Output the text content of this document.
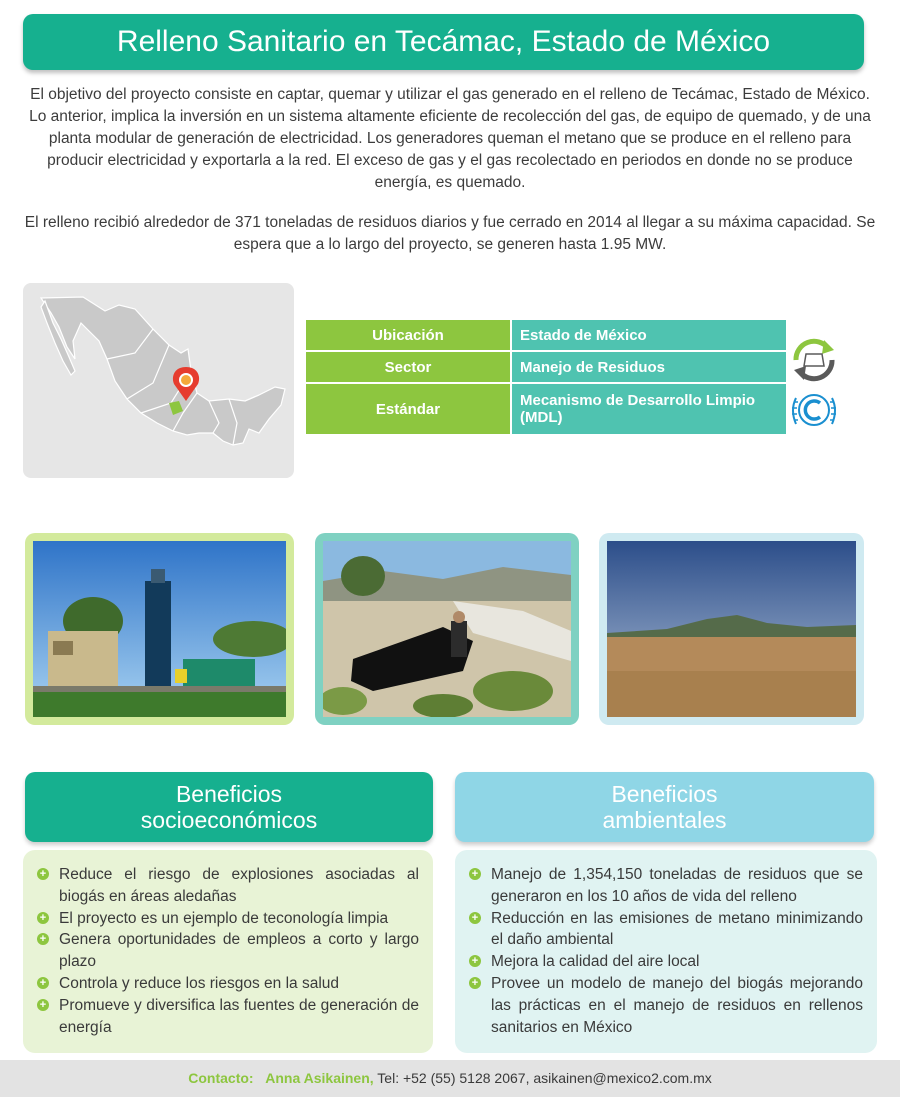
Relleno Sanitario en Tecámac, Estado de México

El objetivo del proyecto consiste en captar, quemar y utilizar el gas generado en el relleno de Tecámac, Estado de México. Lo anterior, implica la inversión en un sistema altamente eficiente de recolección del gas, de equipo de quemado, y de una planta modular de generación de electricidad. Los generadores queman el metano que se produce en el relleno para producir electricidad y exportarla a la red. El exceso de gas y el gas recolectado en periodos en donde no se produce energía, es quemado.

El relleno recibió alrededor de 371 toneladas de residuos diarios y fue cerrado en 2014 al llegar a su máxima capacidad. Se espera que a lo largo del proyecto, se generen hasta 1.95 MW.

Ubicación	Estado de México
Sector	Manejo de Residuos
Estándar	Mecanismo de Desarrollo Limpio (MDL)
Beneficios
socioeconómicos
+ Reduce el riesgo de explosiones asociadas al biogás en áreas aledañas
+ El proyecto es un ejemplo de teconología limpia
+ Genera oportunidades de empleos a corto y largo plazo
+ Controla y reduce los riesgos en la salud
+ Promueve y diversifica las fuentes de generación de energía
Beneficios
ambientales
+ Manejo de 1,354,150 toneladas de residuos que se generaron en los 10 años de vida del relleno
+ Reducción en las emisiones de metano minimizando el daño ambiental
+ Mejora la calidad del aire local
+ Provee un modelo de manejo del biogás mejorando las prácticas en el manejo de residuos en rellenos sanitarios en México
Contacto:   Anna Asikainen, Tel: +52 (55) 5128 2067, asikainen@mexico2.com.mx
